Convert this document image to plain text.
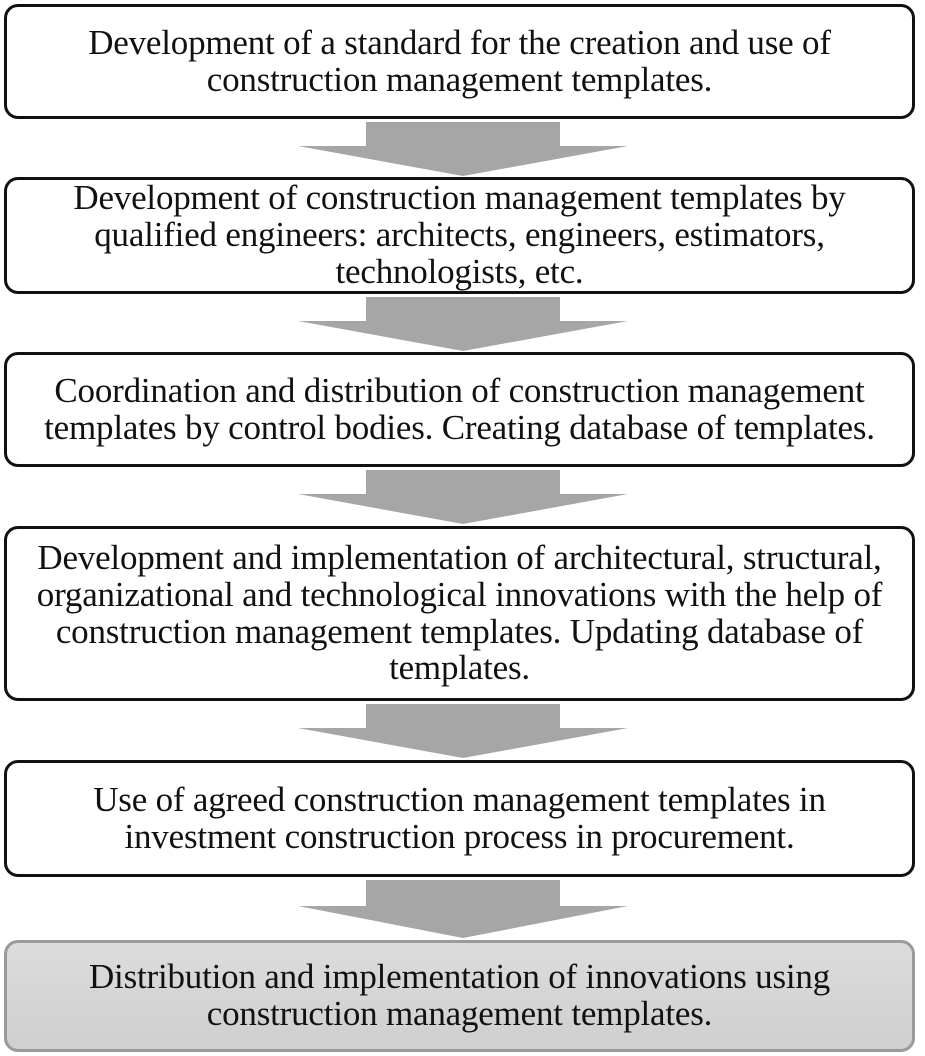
Development of a standard for the creation and use of construction management templates.
Development of construction management templates by qualified engineers: architects, engineers, estimators, technologists, etc.
Coordination and distribution of construction management templates by control bodies. Creating database of templates.
Development and implementation of architectural, structural, organizational and technological innovations with the help of construction management templates. Updating database of templates.
Use of agreed construction management templates in investment construction process in procurement.
Distribution and implementation of innovations using construction management templates.
